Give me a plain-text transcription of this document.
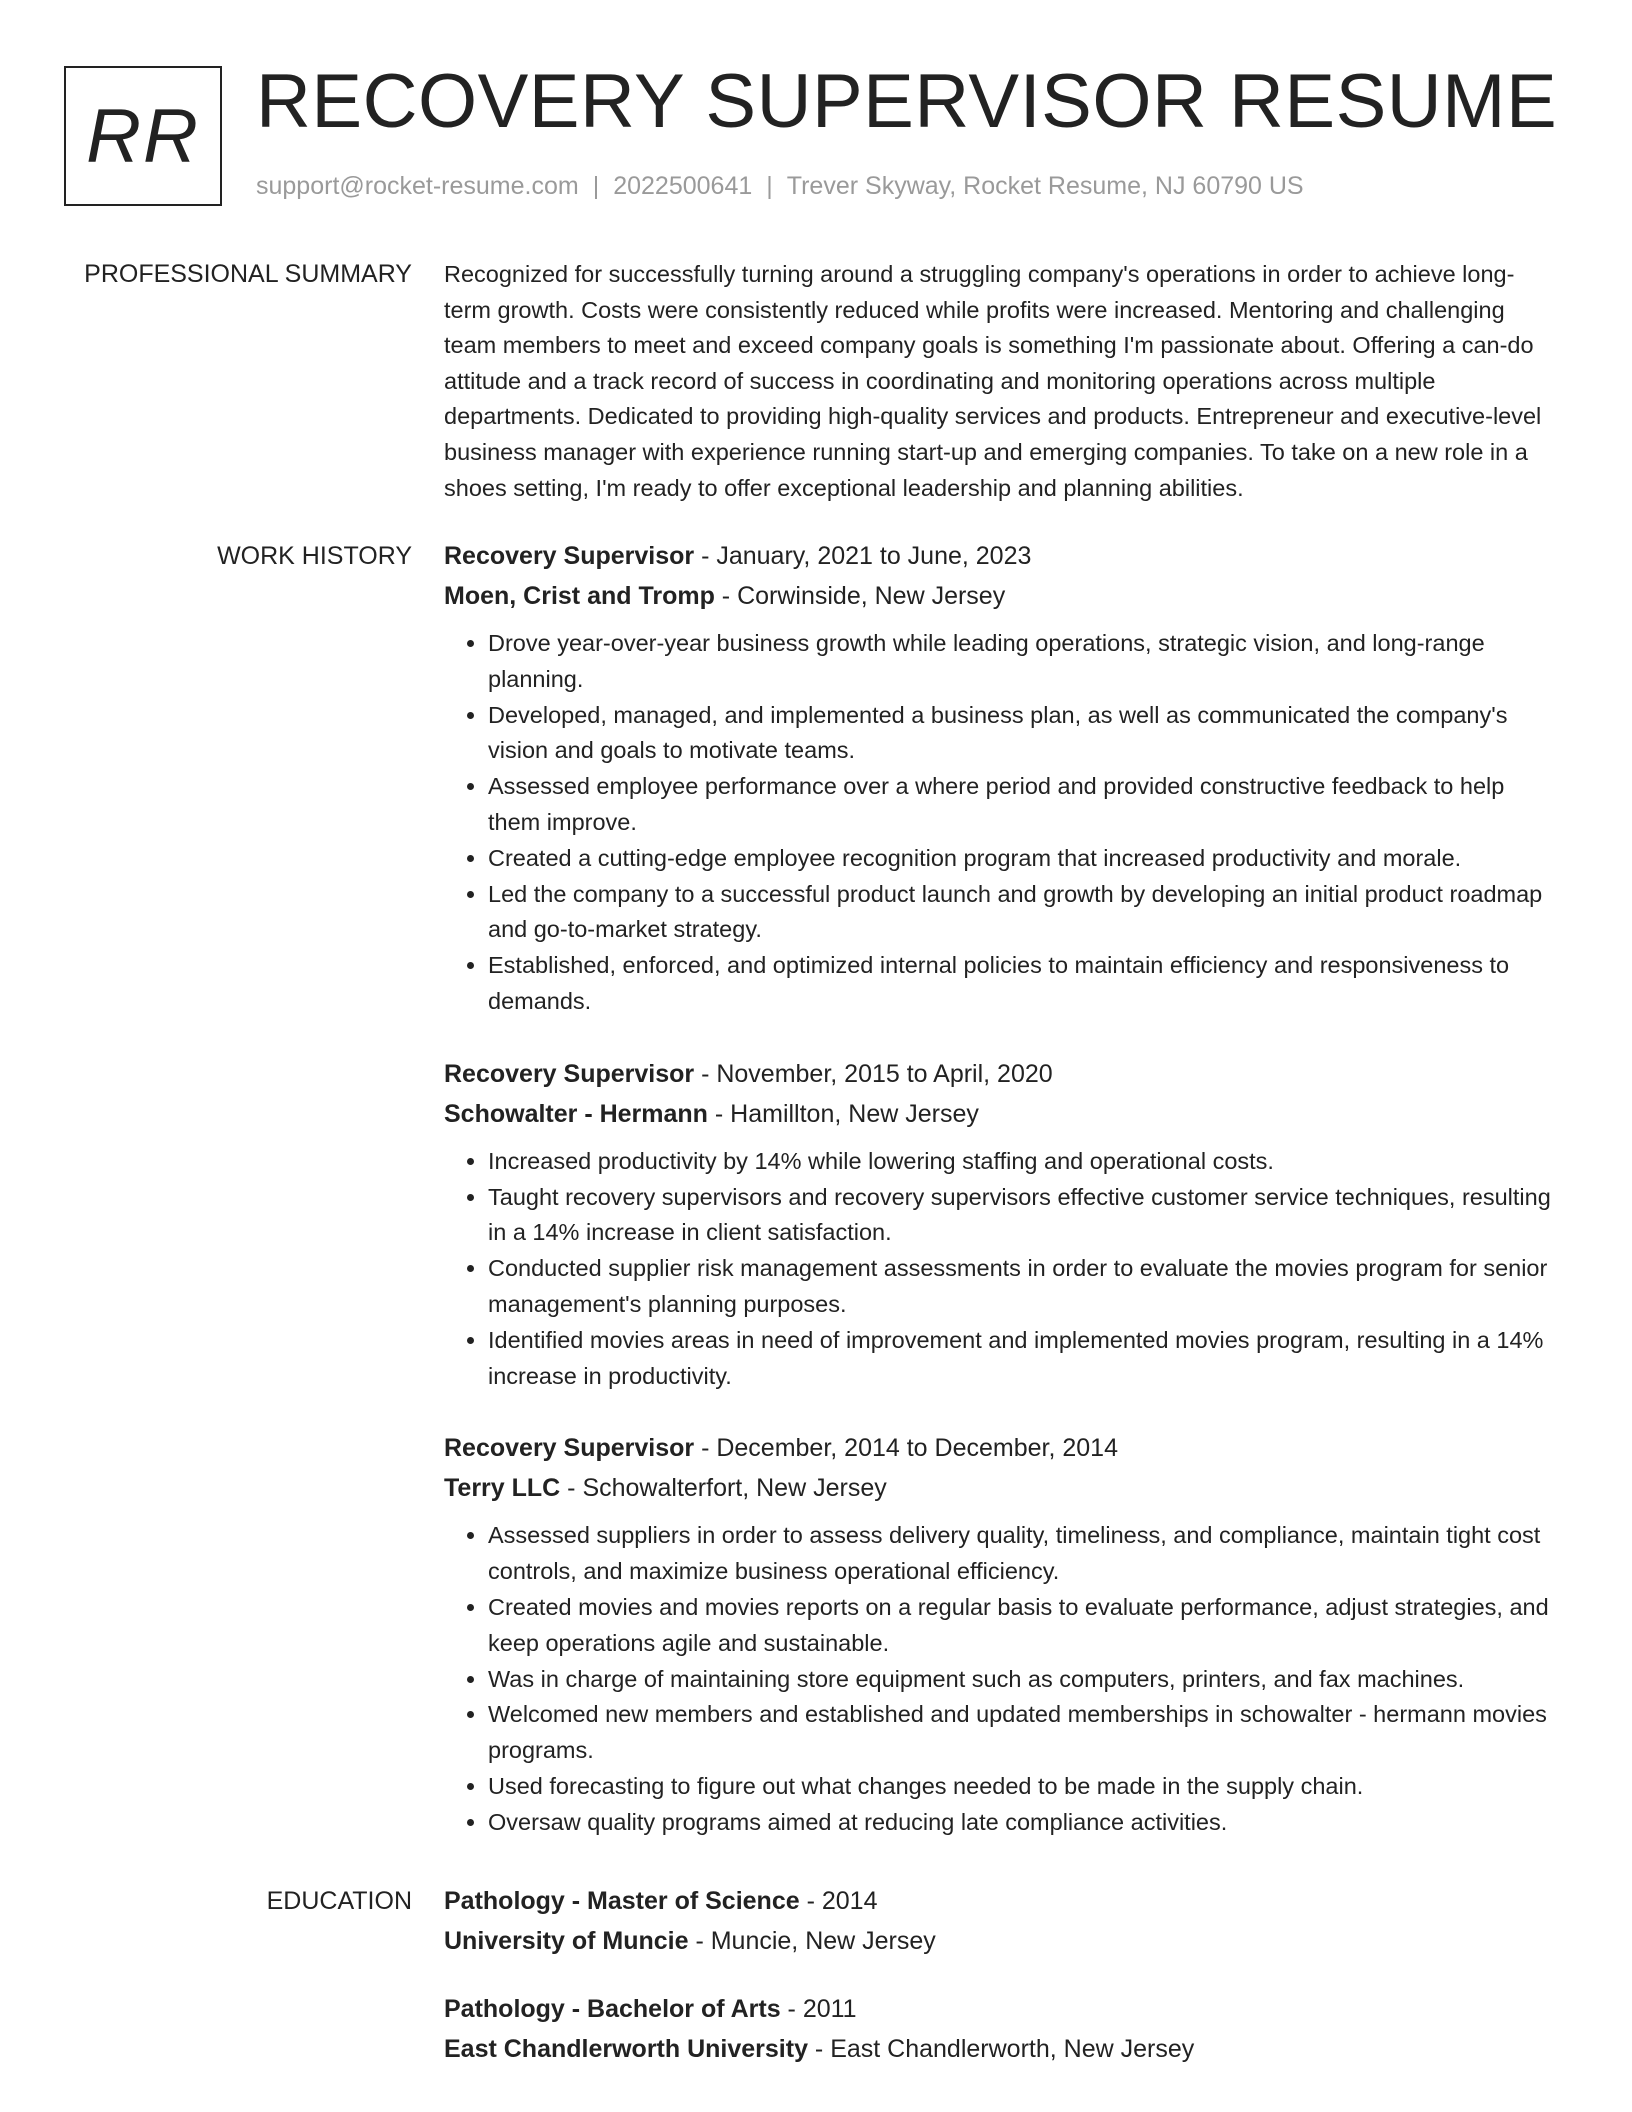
RR RECOVERY SUPERVISOR RESUME
support@rocket-resume.com | 2022500641 | Trever Skyway, Rocket Resume, NJ 60790 US
PROFESSIONAL SUMMARY Recognized for successfully turning around a struggling company's operations in order to achieve long-term growth. Costs were consistently reduced while profits were increased. Mentoring and challenging team members to meet and exceed company goals is something I'm passionate about. Offering a can-do attitude and a track record of success in coordinating and monitoring operations across multiple departments. Dedicated to providing high-quality services and products. Entrepreneur and executive-level business manager with experience running start-up and emerging companies. To take on a new role in a shoes setting, I'm ready to offer exceptional leadership and planning abilities.

WORK HISTORY Recovery Supervisor - January, 2021 to June, 2023
Moen, Crist and Tromp - Corwinside, New Jersey
• Drove year-over-year business growth while leading operations, strategic vision, and long-range planning.
• Developed, managed, and implemented a business plan, as well as communicated the company's vision and goals to motivate teams.
• Assessed employee performance over a where period and provided constructive feedback to help them improve.
• Created a cutting-edge employee recognition program that increased productivity and morale.
• Led the company to a successful product launch and growth by developing an initial product roadmap and go-to-market strategy.
• Established, enforced, and optimized internal policies to maintain efficiency and responsiveness to demands.
Recovery Supervisor - November, 2015 to April, 2020
Schowalter - Hermann - Hamillton, New Jersey
• Increased productivity by 14% while lowering staffing and operational costs.
• Taught recovery supervisors and recovery supervisors effective customer service techniques, resulting in a 14% increase in client satisfaction.
• Conducted supplier risk management assessments in order to evaluate the movies program for senior management's planning purposes.
• Identified movies areas in need of improvement and implemented movies program, resulting in a 14% increase in productivity.
Recovery Supervisor - December, 2014 to December, 2014
Terry LLC - Schowalterfort, New Jersey
• Assessed suppliers in order to assess delivery quality, timeliness, and compliance, maintain tight cost controls, and maximize business operational efficiency.
• Created movies and movies reports on a regular basis to evaluate performance, adjust strategies, and keep operations agile and sustainable.
• Was in charge of maintaining store equipment such as computers, printers, and fax machines.
• Welcomed new members and established and updated memberships in schowalter - hermann movies programs.
• Used forecasting to figure out what changes needed to be made in the supply chain.
• Oversaw quality programs aimed at reducing late compliance activities.
EDUCATION Pathology - Master of Science - 2014
University of Muncie - Muncie, New Jersey
Pathology - Bachelor of Arts - 2011
East Chandlerworth University - East Chandlerworth, New Jersey
